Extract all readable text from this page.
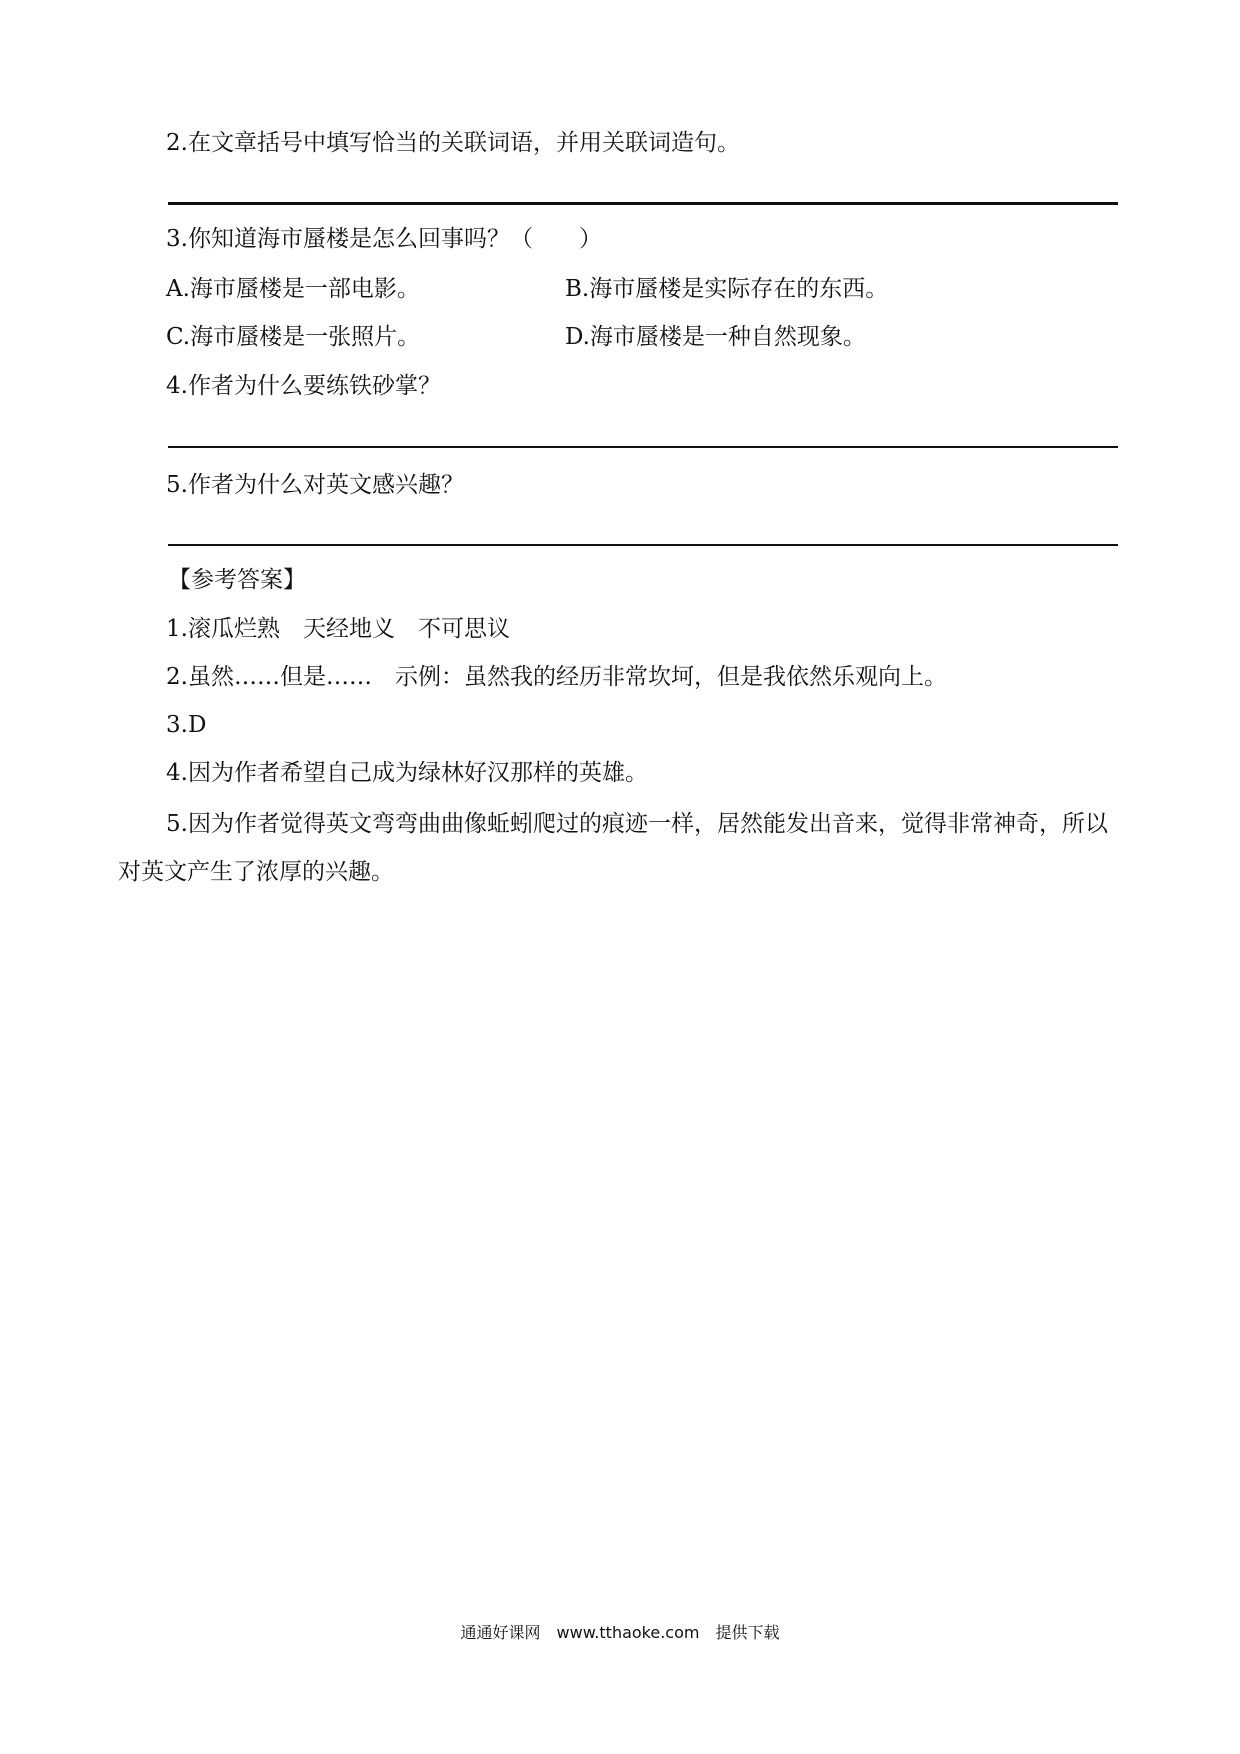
2.在文章括号中填写恰当的关联词语，并用关联词造句。
3.你知道海市蜃楼是怎么回事吗？（　　）
A.海市蜃楼是一部电影。	B.海市蜃楼是实际存在的东西。
C.海市蜃楼是一张照片。	D.海市蜃楼是一种自然现象。
4.作者为什么要练铁砂掌？
5.作者为什么对英文感兴趣？
【参考答案】
1.滚瓜烂熟　天经地义　不可思议
2.虽然……但是……　示例：虽然我的经历非常坎坷，但是我依然乐观向上。
3.D
4.因为作者希望自己成为绿林好汉那样的英雄。
5.因为作者觉得英文弯弯曲曲像蚯蚓爬过的痕迹一样，居然能发出音来，觉得非常神奇，所以对英文产生了浓厚的兴趣。
通通好课网　www.tthaoke.com　提供下载
